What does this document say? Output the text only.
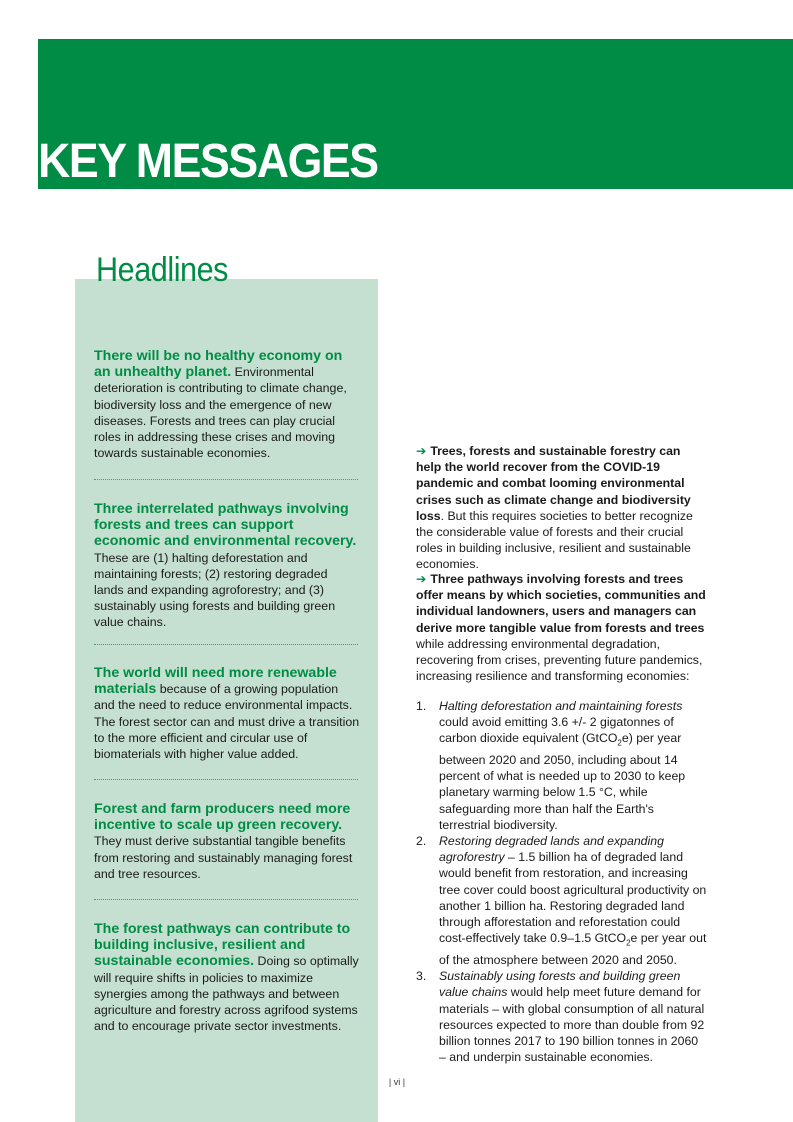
KEY MESSAGES
Headlines
There will be no healthy economy on an unhealthy planet. Environmental deterioration is contributing to climate change, biodiversity loss and the emergence of new diseases. Forests and trees can play crucial roles in addressing these crises and moving towards sustainable economies.
Three interrelated pathways involving forests and trees can support economic and environmental recovery. These are (1) halting deforestation and maintaining forests; (2) restoring degraded lands and expanding agroforestry; and (3) sustainably using forests and building green value chains.
The world will need more renewable materials because of a growing population and the need to reduce environmental impacts. The forest sector can and must drive a transition to the more efficient and circular use of biomaterials with higher value added.
Forest and farm producers need more incentive to scale up green recovery. They must derive substantial tangible benefits from restoring and sustainably managing forest and tree resources.
The forest pathways can contribute to building inclusive, resilient and sustainable economies. Doing so optimally will require shifts in policies to maximize synergies among the pathways and between agriculture and forestry across agrifood systems and to encourage private sector investments.
➔ Trees, forests and sustainable forestry can help the world recover from the COVID-19 pandemic and combat looming environmental crises such as climate change and biodiversity loss. But this requires societies to better recognize the considerable value of forests and their crucial roles in building inclusive, resilient and sustainable economies.
➔ Three pathways involving forests and trees offer means by which societies, communities and individual landowners, users and managers can derive more tangible value from forests and trees while addressing environmental degradation, recovering from crises, preventing future pandemics, increasing resilience and transforming economies:
1. Halting deforestation and maintaining forests could avoid emitting 3.6 +/- 2 gigatonnes of carbon dioxide equivalent (GtCO$_2$e) per year between 2020 and 2050, including about 14 percent of what is needed up to 2030 to keep planetary warming below 1.5 °C, while safeguarding more than half the Earth's terrestrial biodiversity.
2. Restoring degraded lands and expanding agroforestry – 1.5 billion ha of degraded land would benefit from restoration, and increasing tree cover could boost agricultural productivity on another 1 billion ha. Restoring degraded land through afforestation and reforestation could cost-effectively take 0.9–1.5 GtCO$_2$e per year out of the atmosphere between 2020 and 2050.
3. Sustainably using forests and building green value chains would help meet future demand for materials – with global consumption of all natural resources expected to more than double from 92 billion tonnes 2017 to 190 billion tonnes in 2060 – and underpin sustainable economies.
| vi |
